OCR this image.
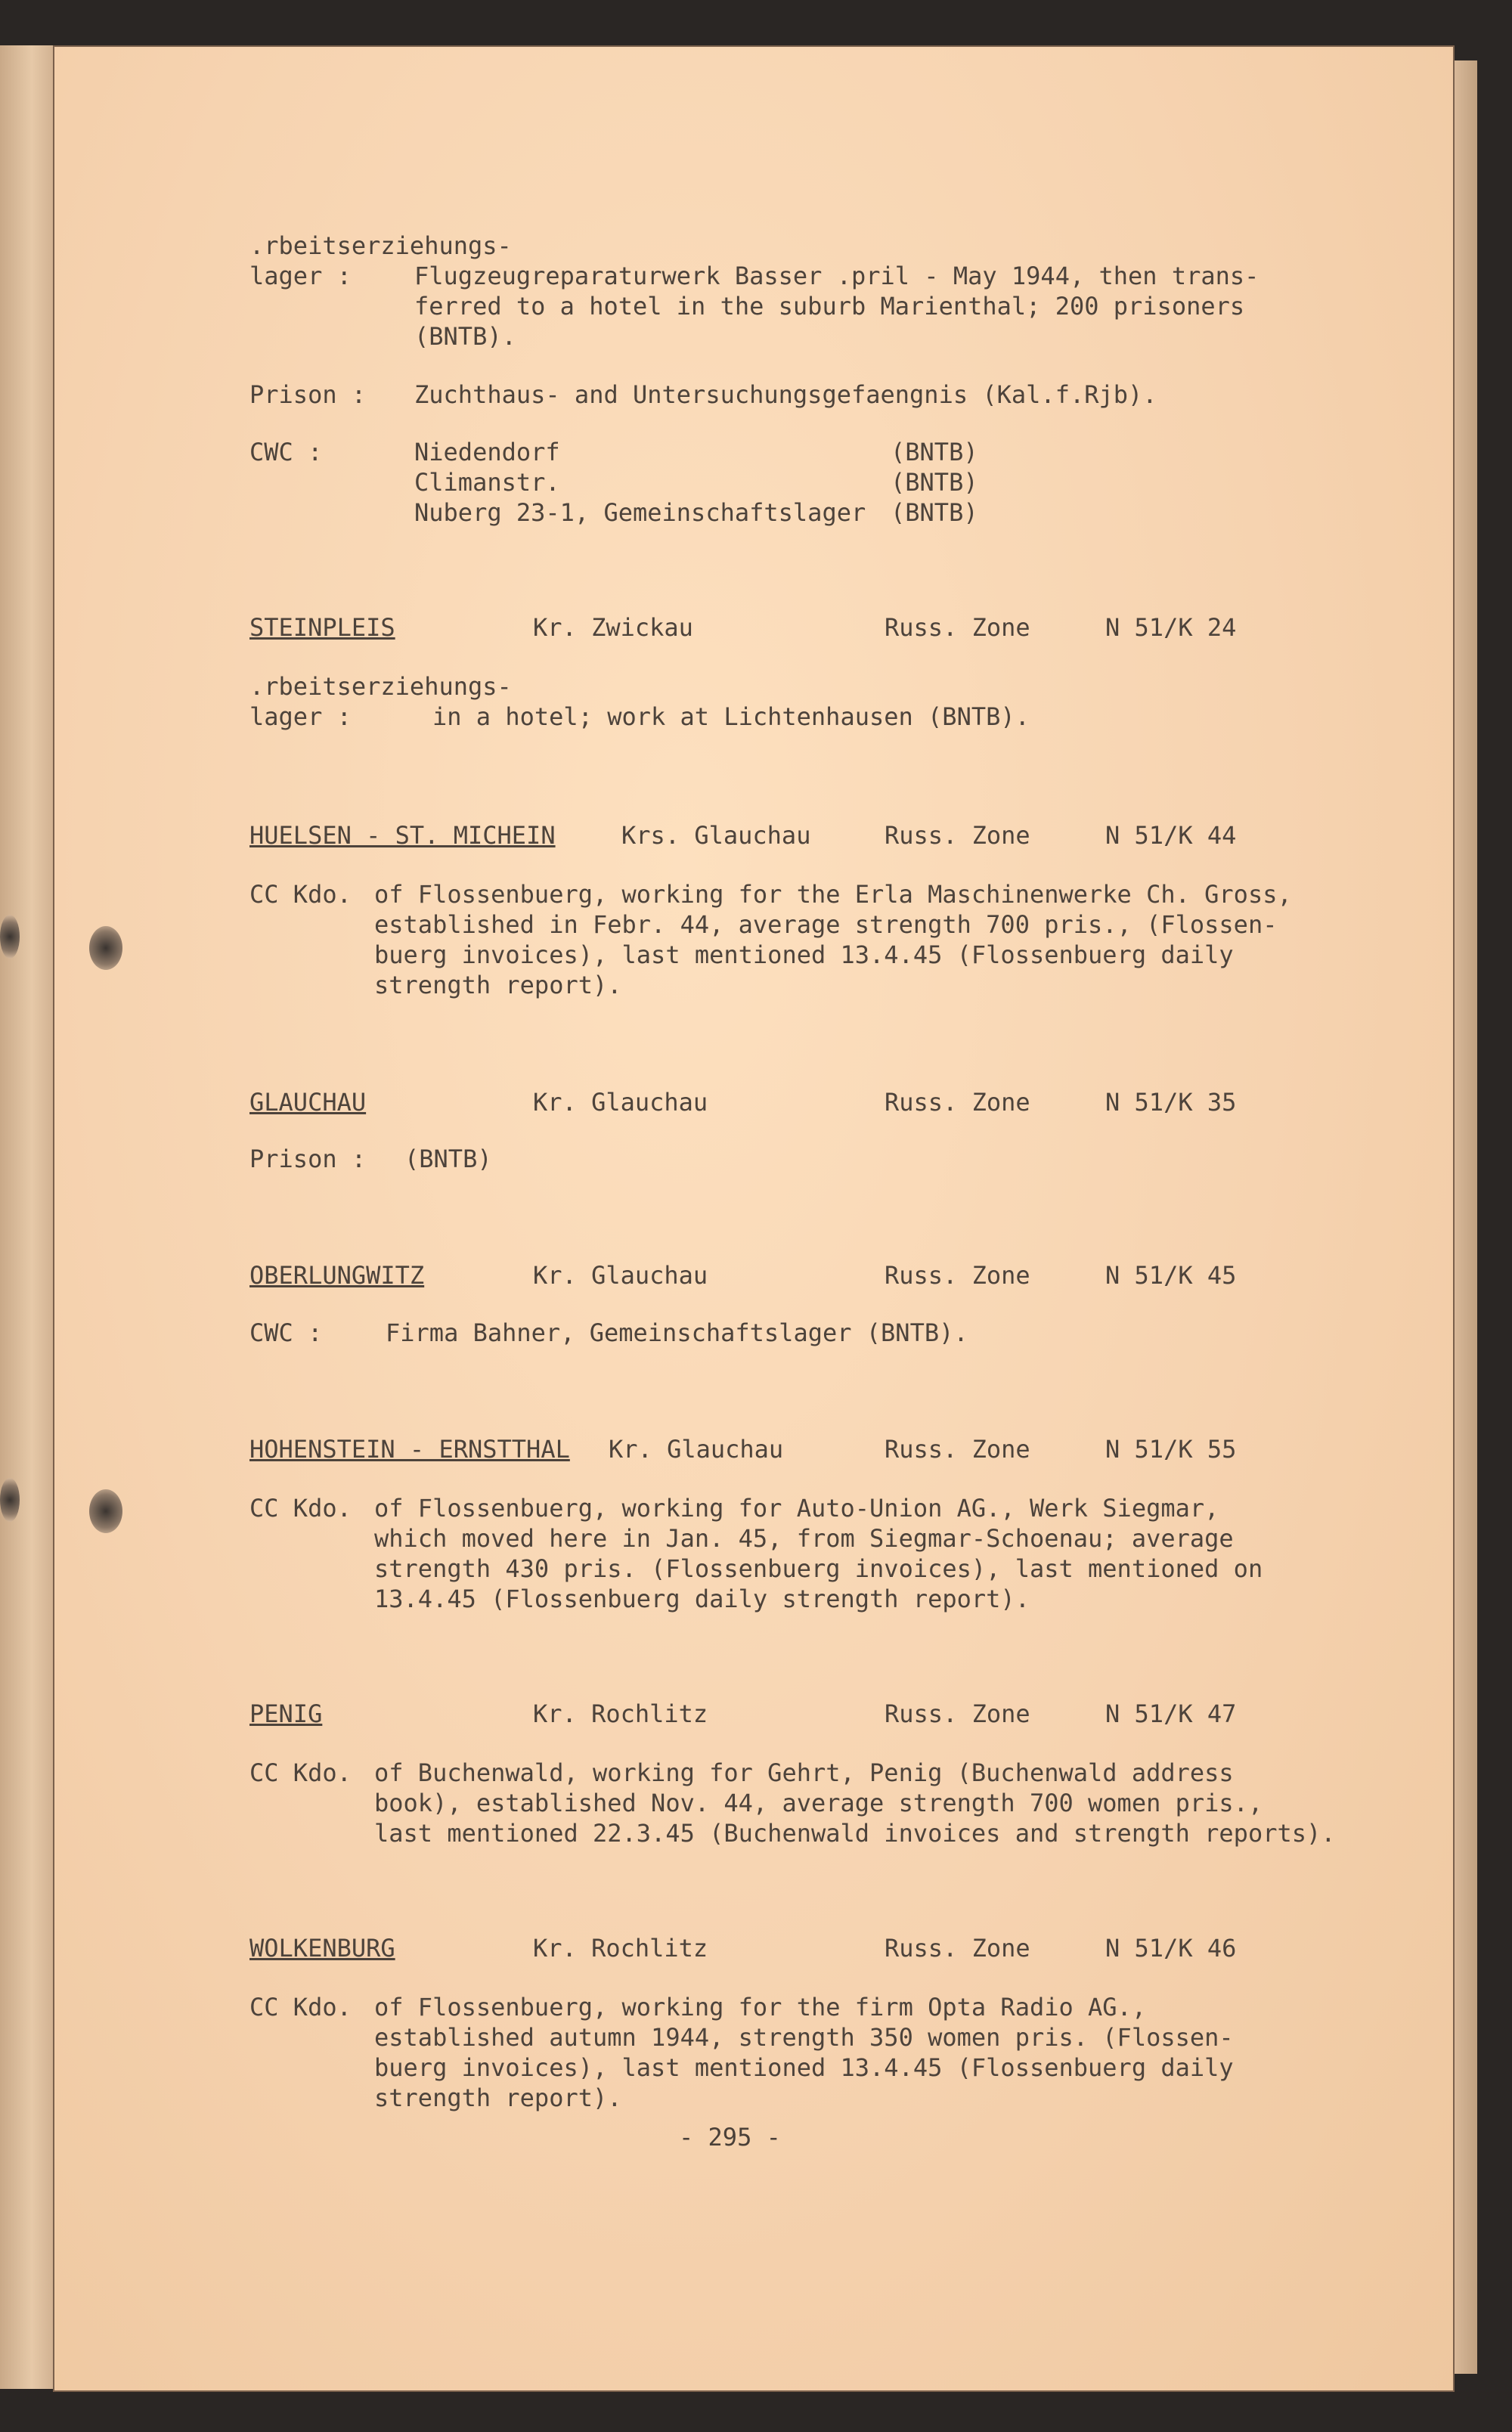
.rbeitserziehungs-
lager :	Flugzeugreparaturwerk Basser .pril - May 1944, then trans-
ferred to a hotel in the suburb Marienthal; 200 prisoners
(BNTB).
Prison : Zuchthaus- and Untersuchungsgefaengnis (Kal.f.Rjb).
CWC :	Niedendorf	(BNTB)
Climanstr.	(BNTB)
Nuberg 23-1, Gemeinschaftslager (BNTB)
STEINPLEIS	Kr. Zwickau	Russ. Zone	N 51/K 24
.rbeitserziehungs-
lager :	in a hotel; work at Lichtenhausen (BNTB).
HUELSEN - ST. MICHEIN	Krs. Glauchau	Russ. Zone	N 51/K 44
CC Kdo. of Flossenbuerg, working for the Erla Maschinenwerke Ch. Gross,
established in Febr. 44, average strength 700 pris., (Flossen-
buerg invoices), last mentioned 13.4.45 (Flossenbuerg daily
strength report).
GLAUCHAU	Kr. Glauchau	Russ. Zone	N 51/K 35
Prison : (BNTB)
OBERLUNGWITZ	Kr. Glauchau	Russ. Zone	N 51/K 45
CWC :	Firma Bahner, Gemeinschaftslager (BNTB).
HOHENSTEIN - ERNSTTHAL Kr. Glauchau	Russ. Zone	N 51/K 55
CC Kdo. of Flossenbuerg, working for Auto-Union AG., Werk Siegmar,
which moved here in Jan. 45, from Siegmar-Schoenau; average
strength 430 pris. (Flossenbuerg invoices), last mentioned on
13.4.45 (Flossenbuerg daily strength report).
PENIG	Kr. Rochlitz	Russ. Zone	N 51/K 47
CC Kdo. of Buchenwald, working for Gehrt, Penig (Buchenwald address
book), established Nov. 44, average strength 700 women pris.,
last mentioned 22.3.45 (Buchenwald invoices and strength reports).
WOLKENBURG	Kr. Rochlitz	Russ. Zone	N 51/K 46
CC Kdo. of Flossenbuerg, working for the firm Opta Radio AG.,
established autumn 1944, strength 350 women pris. (Flossen-
buerg invoices), last mentioned 13.4.45 (Flossenbuerg daily
strength report).
- 295 -
